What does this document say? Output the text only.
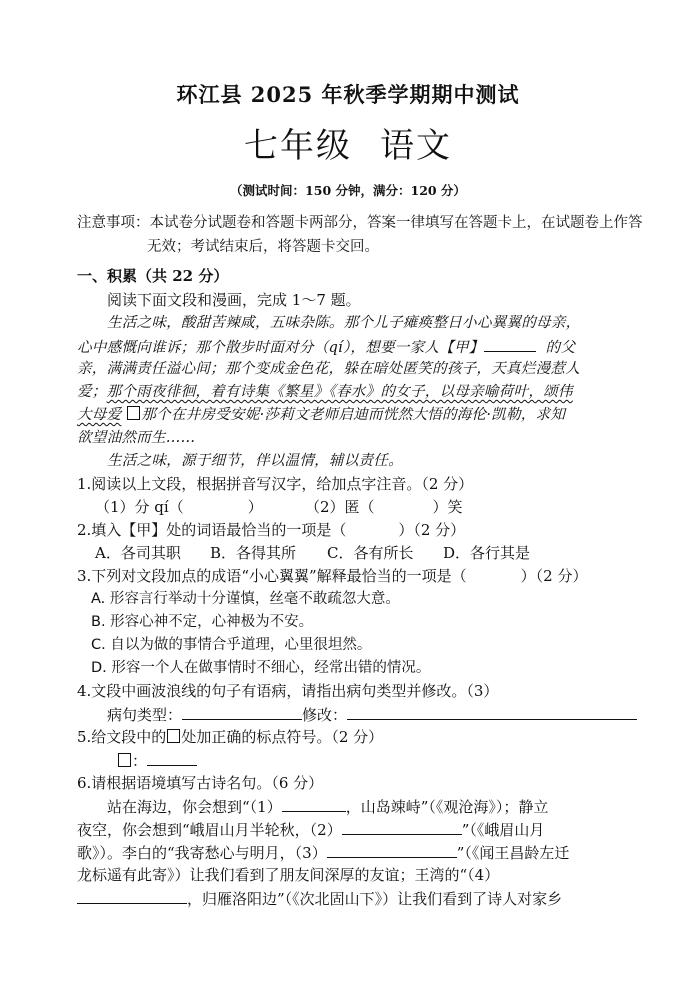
环江县 2025 年秋季学期期中测试
七年级 语文
（测试时间：150 分钟，满分：120 分）
注意事项：本试卷分试题卷和答题卡两部分，答案一律填写在答题卡上，在试题卷上作答
无效；考试结束后，将答题卡交回。
一、积累（共 22 分）
阅读下面文段和漫画，完成 1～7 题。
生活之味，酸甜苦辣咸，五味杂陈。那个儿子瘫痪整日小心翼翼的母亲，
心中感慨向谁诉；那个散步时面对分（qí），想要一家人【甲】	的父
亲，满满责任溢心间；那个变成金色花，躲在暗处匿笑的孩子，天真烂漫惹人
爱；那个雨夜徘徊，着有诗集《繁星》《春水》的女子，以母亲喻荷叶，颂伟
大母爱 那个在井房受安妮·莎莉文老师启迪而恍然大悟的海伦·凯勒，求知
欲望油然而生……
生活之味，源于细节，伴以温情，辅以责任。
1.阅读以上文段，根据拼音写汉字，给加点字注音。（2 分）
（1）分 qí（	）	（2）匿（	）笑
2.填入【甲】处的词语最恰当的一项是（	）（2 分）
A．各司其职 B．各得其所 C．各有所长 D．各行其是
3.下列对文段加点的成语“小心翼翼”解释最恰当的一项是（	）（2 分）
A. 形容言行举动十分谨慎，丝毫不敢疏忽大意。
B. 形容心神不定，心神极为不安。
C. 自以为做的事情合乎道理，心里很坦然。
D. 形容一个人在做事情时不细心，经常出错的情况。
4.文段中画波浪线的句子有语病，请指出病句类型并修改。（3）
病句类型：	修改：
5.给文段中的 处加正确的标点符号。（2 分）
：
6.请根据语境填写古诗名句。（6 分）
站在海边，你会想到“（1）	，山岛竦峙”（《观沧海》）；静立
夜空，你会想到“峨眉山月半轮秋，（2）	”（《峨眉山月
歌》）。李白的“我寄愁心与明月，（3）	”（《闻王昌龄左迁
龙标遥有此寄》）让我们看到了朋友间深厚的友谊；王湾的“（4）
，归雁洛阳边”（《次北固山下》）让我们看到了诗人对家乡
